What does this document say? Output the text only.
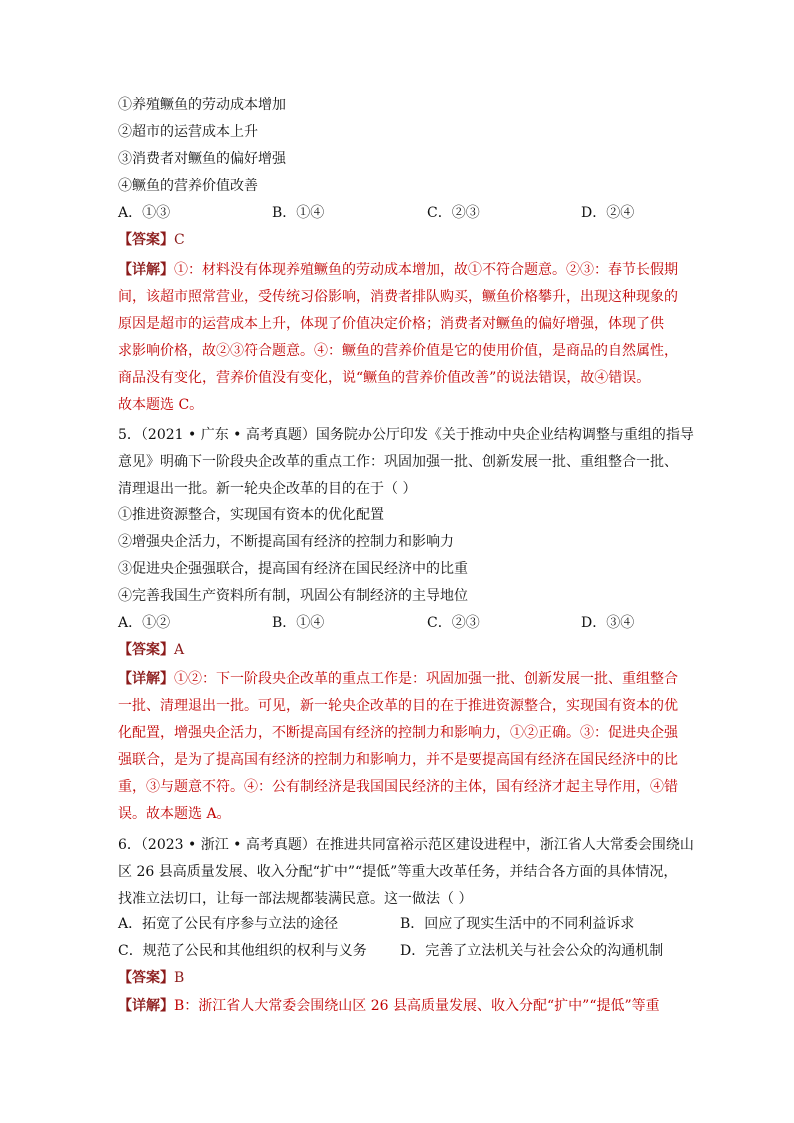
①养殖鳜鱼的劳动成本增加
②超市的运营成本上升
③消费者对鳜鱼的偏好增强
④鳜鱼的营养价值改善
A．①③	B．①④	C．②③	D．②④
【答案】C
【详解】①：材料没有体现养殖鳜鱼的劳动成本增加，故①不符合题意。②③：春节长假期
间，该超市照常营业，受传统习俗影响，消费者排队购买，鳜鱼价格攀升，出现这种现象的
原因是超市的运营成本上升，体现了价值决定价格；消费者对鳜鱼的偏好增强，体现了供
求影响价格，故②③符合题意。④：鳜鱼的营养价值是它的使用价值，是商品的自然属性，
商品没有变化，营养价值没有变化，说“鳜鱼的营养价值改善”的说法错误，故④错误。
故本题选 C。
5．（2021 • 广东 • 高考真题）国务院办公厅印发《关于推动中央企业结构调整与重组的指导
意见》明确下一阶段央企改革的重点工作：巩固加强一批、创新发展一批、重组整合一批、
清理退出一批。新一轮央企改革的目的在于（ ）
①推进资源整合，实现国有资本的优化配置
②增强央企活力，不断提高国有经济的控制力和影响力
③促进央企强强联合，提高国有经济在国民经济中的比重
④完善我国生产资料所有制，巩固公有制经济的主导地位
A．①②	B．①④	C．②③	D．③④
【答案】A
【详解】①②：下一阶段央企改革的重点工作是：巩固加强一批、创新发展一批、重组整合
一批、清理退出一批。可见，新一轮央企改革的目的在于推进资源整合，实现国有资本的优
化配置，增强央企活力，不断提高国有经济的控制力和影响力，①②正确。③：促进央企强
强联合，是为了提高国有经济的控制力和影响力，并不是要提高国有经济在国民经济中的比
重，③与题意不符。④：公有制经济是我国国民经济的主体，国有经济才起主导作用，④错
误。故本题选 A。
6．（2023 • 浙江 • 高考真题）在推进共同富裕示范区建设进程中，浙江省人大常委会围绕山
区 26 县高质量发展、收入分配“扩中”“提低”等重大改革任务，并结合各方面的具体情况，
找准立法切口，让每一部法规都装满民意。这一做法（ ）
A．拓宽了公民有序参与立法的途径	B．回应了现实生活中的不同利益诉求
C．规范了公民和其他组织的权利与义务 D．完善了立法机关与社会公众的沟通机制
【答案】B
【详解】B：浙江省人大常委会围绕山区 26 县高质量发展、收入分配“扩中”“提低”等重
